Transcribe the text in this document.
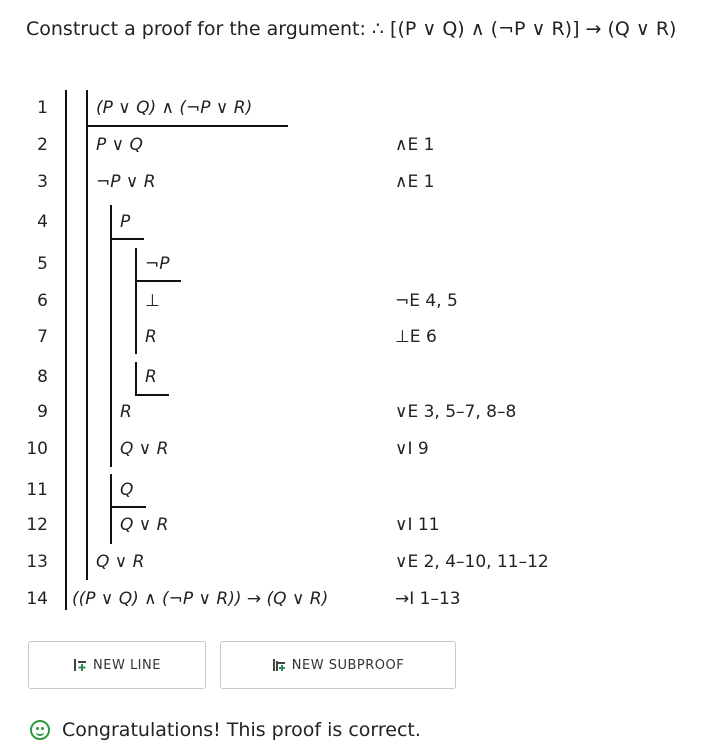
Construct a proof for the argument: ∴ [(P ∨ Q) ∧ (¬P ∨ R)] → (Q ∨ R)
1
2
3
4
5
6
7
8
9
10
11
12
13
14
(P ∨ Q) ∧ (¬P ∨ R)
P ∨ Q
¬P ∨ R
P
¬P
⊥
R
R
R
Q ∨ R
Q
Q ∨ R
Q ∨ R
((P ∨ Q) ∧ (¬P ∨ R)) → (Q ∨ R)
∧E 1
∧E 1
¬E 4, 5
⊥E 6
∨E 3, 5–7, 8–8
∨I 9
∨I 11
∨E 2, 4–10, 11–12
→I 1–13
NEW LINE	NEW SUBPROOF
Congratulations! This proof is correct.
